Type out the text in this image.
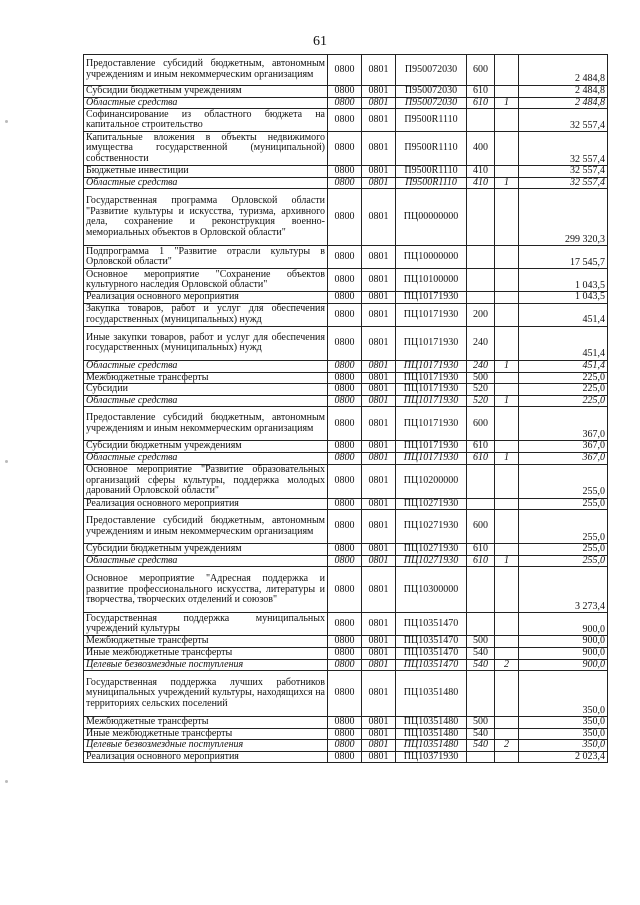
61
Предоставление субсидий бюджетным, автономным учреждениям и иным некоммерческим организациям	0800	0801	П950072030	600		2 484,8
Субсидии бюджетным учреждениям	0800	0801	П950072030	610		2 484,8
Областные средства	0800	0801	П950072030	610	1	2 484,8
Софинансирование из областного бюджета на капитальное строительство	0800	0801	П9500R1110			32 557,4
Капитальные вложения в объекты недвижимого имущества государственной (муниципальной) собственности	0800	0801	П9500R1110	400		32 557,4
Бюджетные инвестиции	0800	0801	П9500R1110	410		32 557,4
Областные средства	0800	0801	П9500R1110	410	1	32 557,4
Государственная программа Орловской области "Развитие культуры и искусства, туризма, архивного дела, сохранение и реконструкция военно-мемориальных объектов в Орловской области"	0800	0801	ПЦ00000000			299 320,3
Подпрограмма 1 "Развитие отрасли культуры в Орловской области"	0800	0801	ПЦ10000000			17 545,7
Основное мероприятие "Сохранение объектов культурного наследия Орловской области"	0800	0801	ПЦ10100000			1 043,5
Реализация основного мероприятия	0800	0801	ПЦ10171930			1 043,5
Закупка товаров, работ и услуг для обеспечения государственных (муниципальных) нужд	0800	0801	ПЦ10171930	200		451,4
Иные закупки товаров, работ и услуг для обеспечения государственных (муниципальных) нужд	0800	0801	ПЦ10171930	240		451,4
Областные средства	0800	0801	ПЦ10171930	240	1	451,4
Межбюджетные трансферты	0800	0801	ПЦ10171930	500		225,0
Субсидии	0800	0801	ПЦ10171930	520		225,0
Областные средства	0800	0801	ПЦ10171930	520	1	225,0
Предоставление субсидий бюджетным, автономным учреждениям и иным некоммерческим организациям	0800	0801	ПЦ10171930	600		367,0
Субсидии бюджетным учреждениям	0800	0801	ПЦ10171930	610		367,0
Областные средства	0800	0801	ПЦ10171930	610	1	367,0
Основное мероприятие "Развитие образовательных организаций сферы культуры, поддержка молодых дарований Орловской области"	0800	0801	ПЦ10200000			255,0
Реализация основного мероприятия	0800	0801	ПЦ10271930			255,0
Предоставление субсидий бюджетным, автономным учреждениям и иным некоммерческим организациям	0800	0801	ПЦ10271930	600		255,0
Субсидии бюджетным учреждениям	0800	0801	ПЦ10271930	610		255,0
Областные средства	0800	0801	ПЦ10271930	610	1	255,0
Основное мероприятие "Адресная поддержка и развитие профессионального искусства, литературы и творчества, творческих отделений и союзов"	0800	0801	ПЦ10300000			3 273,4
Государственная поддержка муниципальных учреждений культуры	0800	0801	ПЦ10351470			900,0
Межбюджетные трансферты	0800	0801	ПЦ10351470	500		900,0
Иные межбюджетные трансферты	0800	0801	ПЦ10351470	540		900,0
Целевые безвозмездные поступления	0800	0801	ПЦ10351470	540	2	900,0
Государственная поддержка лучших работников муниципальных учреждений культуры, находящихся на территориях сельских поселений	0800	0801	ПЦ10351480			350,0
Межбюджетные трансферты	0800	0801	ПЦ10351480	500		350,0
Иные межбюджетные трансферты	0800	0801	ПЦ10351480	540		350,0
Целевые безвозмездные поступления	0800	0801	ПЦ10351480	540	2	350,0
Реализация основного мероприятия	0800	0801	ПЦ10371930			2 023,4
